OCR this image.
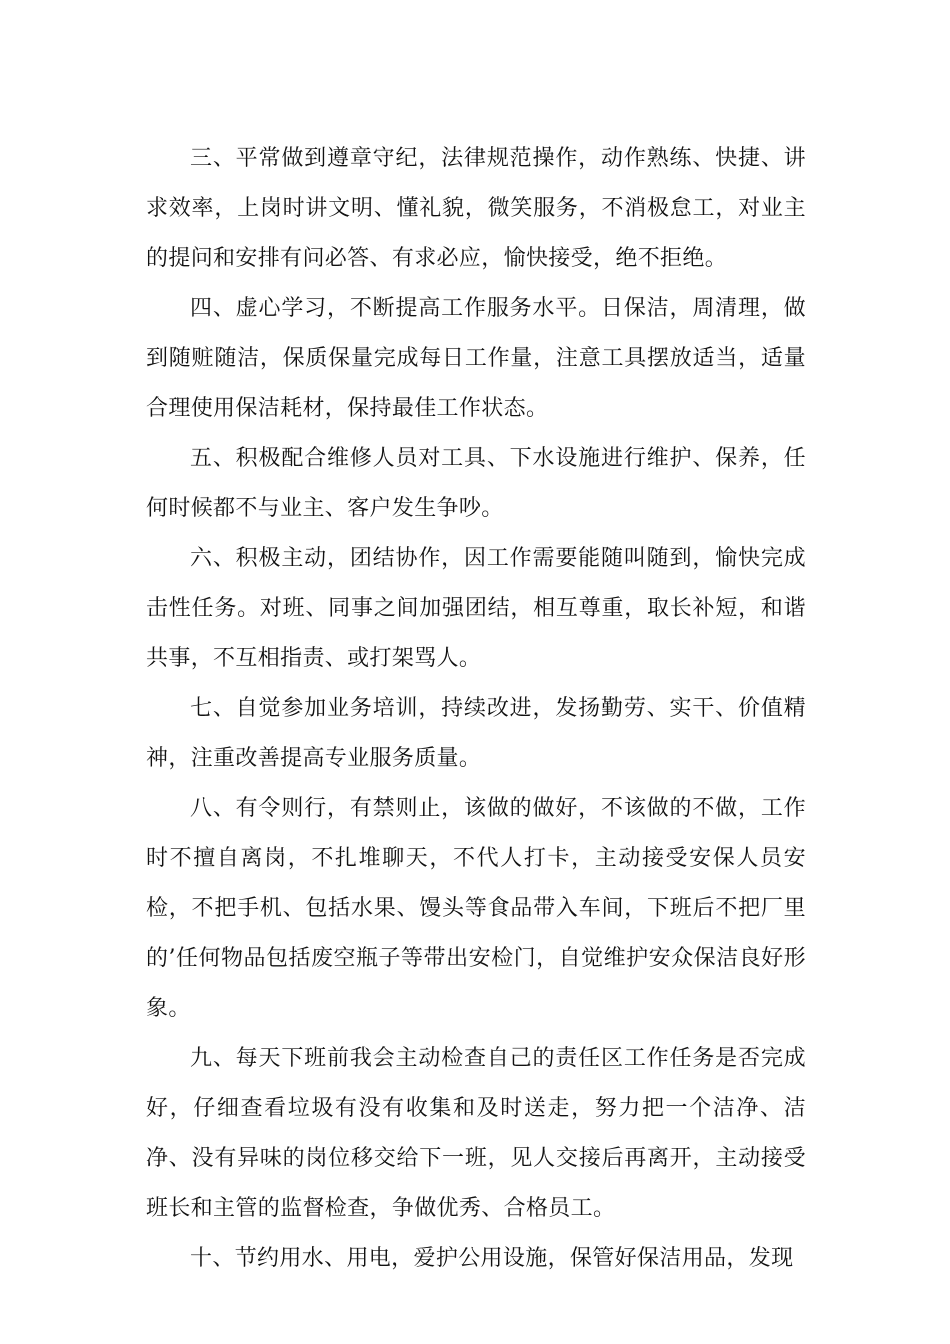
三、平常做到遵章守纪，法律规范操作，动作熟练、快捷、讲求效率，上岗时讲文明、懂礼貌，微笑服务，不消极怠工，对业主的提问和安排有问必答、有求必应，愉快接受，绝不拒绝。

四、虚心学习，不断提高工作服务水平。日保洁，周清理，做到随赃随洁，保质保量完成每日工作量，注意工具摆放适当，适量合理使用保洁耗材，保持最佳工作状态。

五、积极配合维修人员对工具、下水设施进行维护、保养，任何时候都不与业主、客户发生争吵。

六、积极主动，团结协作，因工作需要能随叫随到，愉快完成击性任务。对班、同事之间加强团结，相互尊重，取长补短，和谐共事，不互相指责、或打架骂人。

七、自觉参加业务培训，持续改进，发扬勤劳、实干、价值精神，注重改善提高专业服务质量。

八、有令则行，有禁则止，该做的做好，不该做的不做，工作时不擅自离岗，不扎堆聊天，不代人打卡，主动接受安保人员安检，不把手机、包括水果、馒头等食品带入车间，下班后不把厂里的’任何物品包括废空瓶子等带出安检门，自觉维护安众保洁良好形象。

九、每天下班前我会主动检查自己的责任区工作任务是否完成好，仔细查看垃圾有没有收集和及时送走，努力把一个洁净、洁净、没有异味的岗位移交给下一班，见人交接后再离开，主动接受班长和主管的监督检查，争做优秀、合格员工。

十、节约用水、用电，爱护公用设施，保管好保洁用品，发现
